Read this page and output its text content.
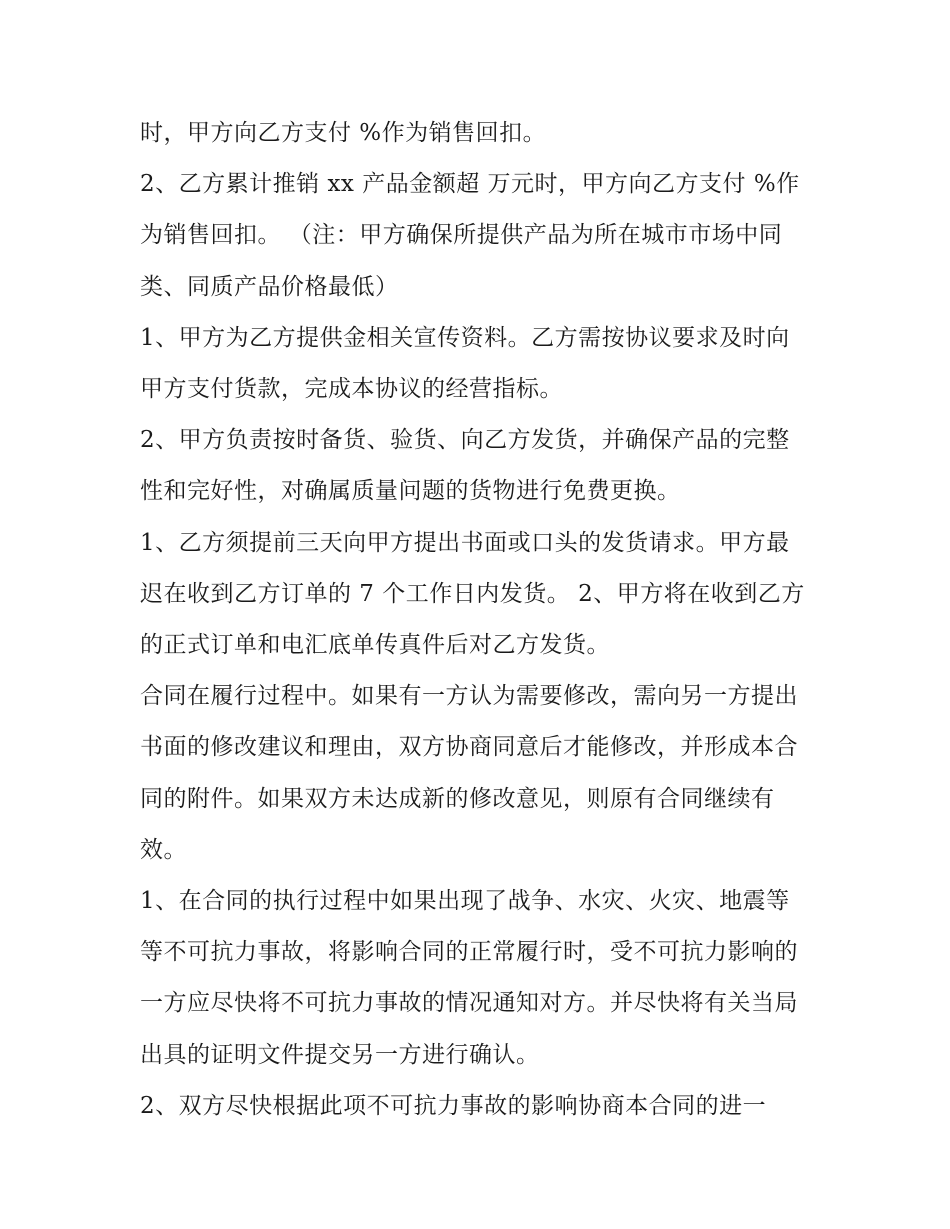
时，甲方向乙方支付 %作为销售回扣。

2、乙方累计推销 xx 产品金额超 万元时，甲方向乙方支付 %作为销售回扣。 （注：甲方确保所提供产品为所在城市市场中同类、同质产品价格最低）

1、甲方为乙方提供金相关宣传资料。乙方需按协议要求及时向甲方支付货款，完成本协议的经营指标。

2、甲方负责按时备货、验货、向乙方发货，并确保产品的完整性和完好性，对确属质量问题的货物进行免费更换。

1、乙方须提前三天向甲方提出书面或口头的发货请求。甲方最迟在收到乙方订单的 7 个工作日内发货。 2、甲方将在收到乙方的正式订单和电汇底单传真件后对乙方发货。

合同在履行过程中。如果有一方认为需要修改，需向另一方提出书面的修改建议和理由，双方协商同意后才能修改，并形成本合同的附件。如果双方未达成新的修改意见，则原有合同继续有效。

1、在合同的执行过程中如果出现了战争、水灾、火灾、地震等等不可抗力事故，将影响合同的正常履行时，受不可抗力影响的一方应尽快将不可抗力事故的情况通知对方。并尽快将有关当局出具的证明文件提交另一方进行确认。

2、双方尽快根据此项不可抗力事故的影响协商本合同的进一
